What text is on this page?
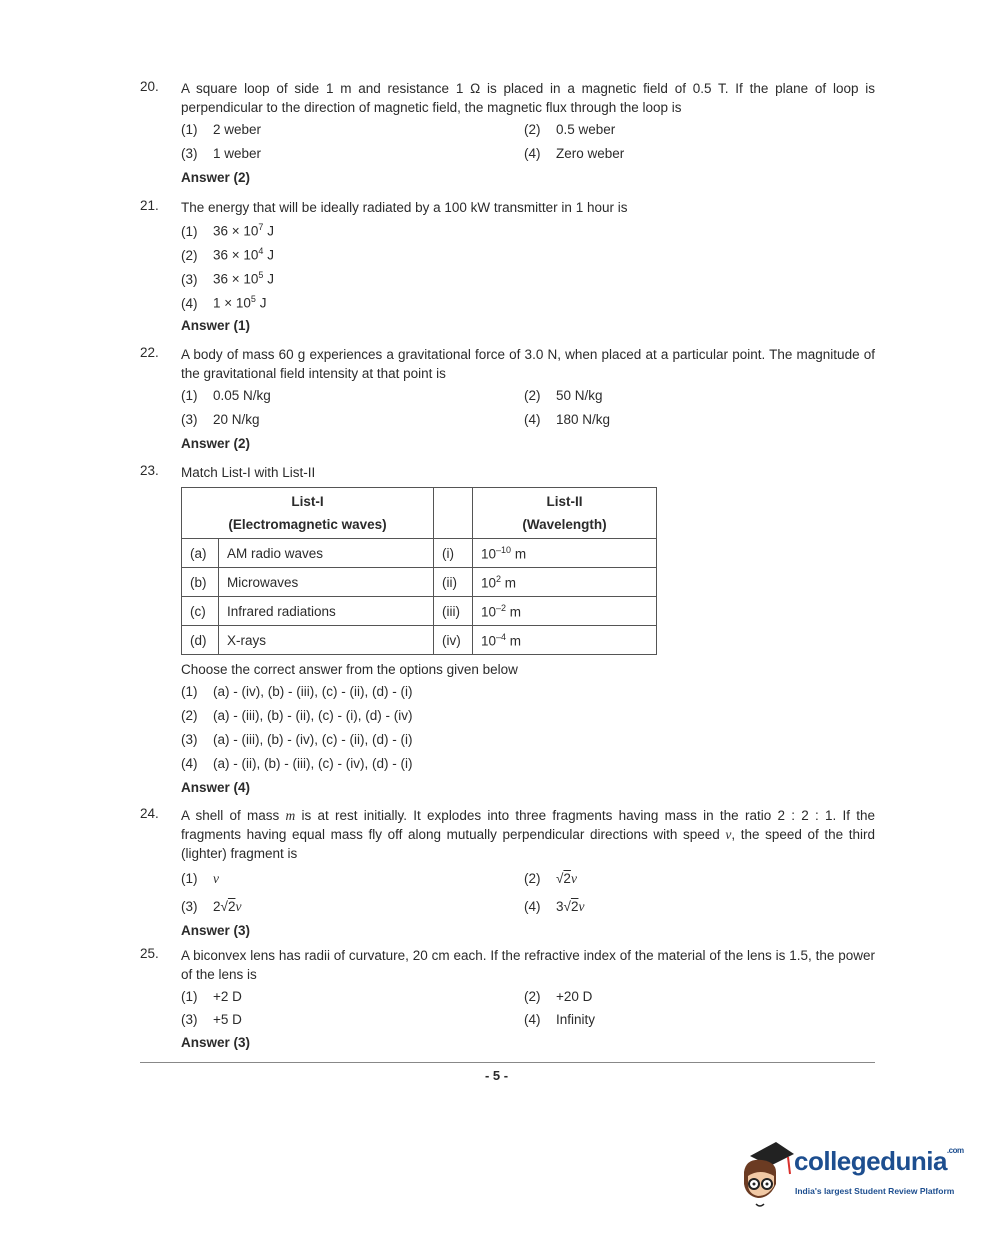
20. A square loop of side 1 m and resistance 1 Ω is placed in a magnetic field of 0.5 T. If the plane of loop is perpendicular to the direction of magnetic field, the magnetic flux through the loop is
(1) 2 weber	(2) 0.5 weber
(3) 1 weber	(4) Zero weber
Answer (2)
21. The energy that will be ideally radiated by a 100 kW transmitter in 1 hour is
(1) $36 \times 10^7$ J
(2) $36 \times 10^4$ J
(3) $36 \times 10^5$ J
(4) $1 \times 10^5$ J
Answer (1)
22. A body of mass 60 g experiences a gravitational force of 3.0 N, when placed at a particular point. The magnitude of the gravitational field intensity at that point is
(1) 0.05 N/kg	(2) 50 N/kg
(3) 20 N/kg	(4) 180 N/kg
Answer (2)
23. Match List-I with List-II
List-I
(Electromagnetic waves)			List-II
(Wavelength)
(a)	AM radio waves	(i)	$10^{-10}$ m
(b)	Microwaves	(ii)	$10^2$ m
(c)	Infrared radiations	(iii)	$10^{-2}$ m
(d)	X-rays	(iv)	$10^{-4}$ m
Choose the correct answer from the options given below
(1) (a) - (iv), (b) - (iii), (c) - (ii), (d) - (i)
(2) (a) - (iii), (b) - (ii), (c) - (i), (d) - (iv)
(3) (a) - (iii), (b) - (iv), (c) - (ii), (d) - (i)
(4) (a) - (ii), (b) - (iii), (c) - (iv), (d) - (i)
Answer (4)
24. A shell of mass m is at rest initially. It explodes into three fragments having mass in the ratio 2 : 2 : 1. If the fragments having equal mass fly off along mutually perpendicular directions with speed v, the speed of the third (lighter) fragment is
(1) v	(2) √2v
(3) 2√2v	(4) 3√2v
Answer (3)
25. A biconvex lens has radii of curvature, 20 cm each. If the refractive index of the material of the lens is 1.5, the power of the lens is
(1) +2 D	(2) +20 D
(3) +5 D	(4) Infinity
Answer (3)
- 5 -
collegedunia$^{.com}$
India's largest Student Review Platform
